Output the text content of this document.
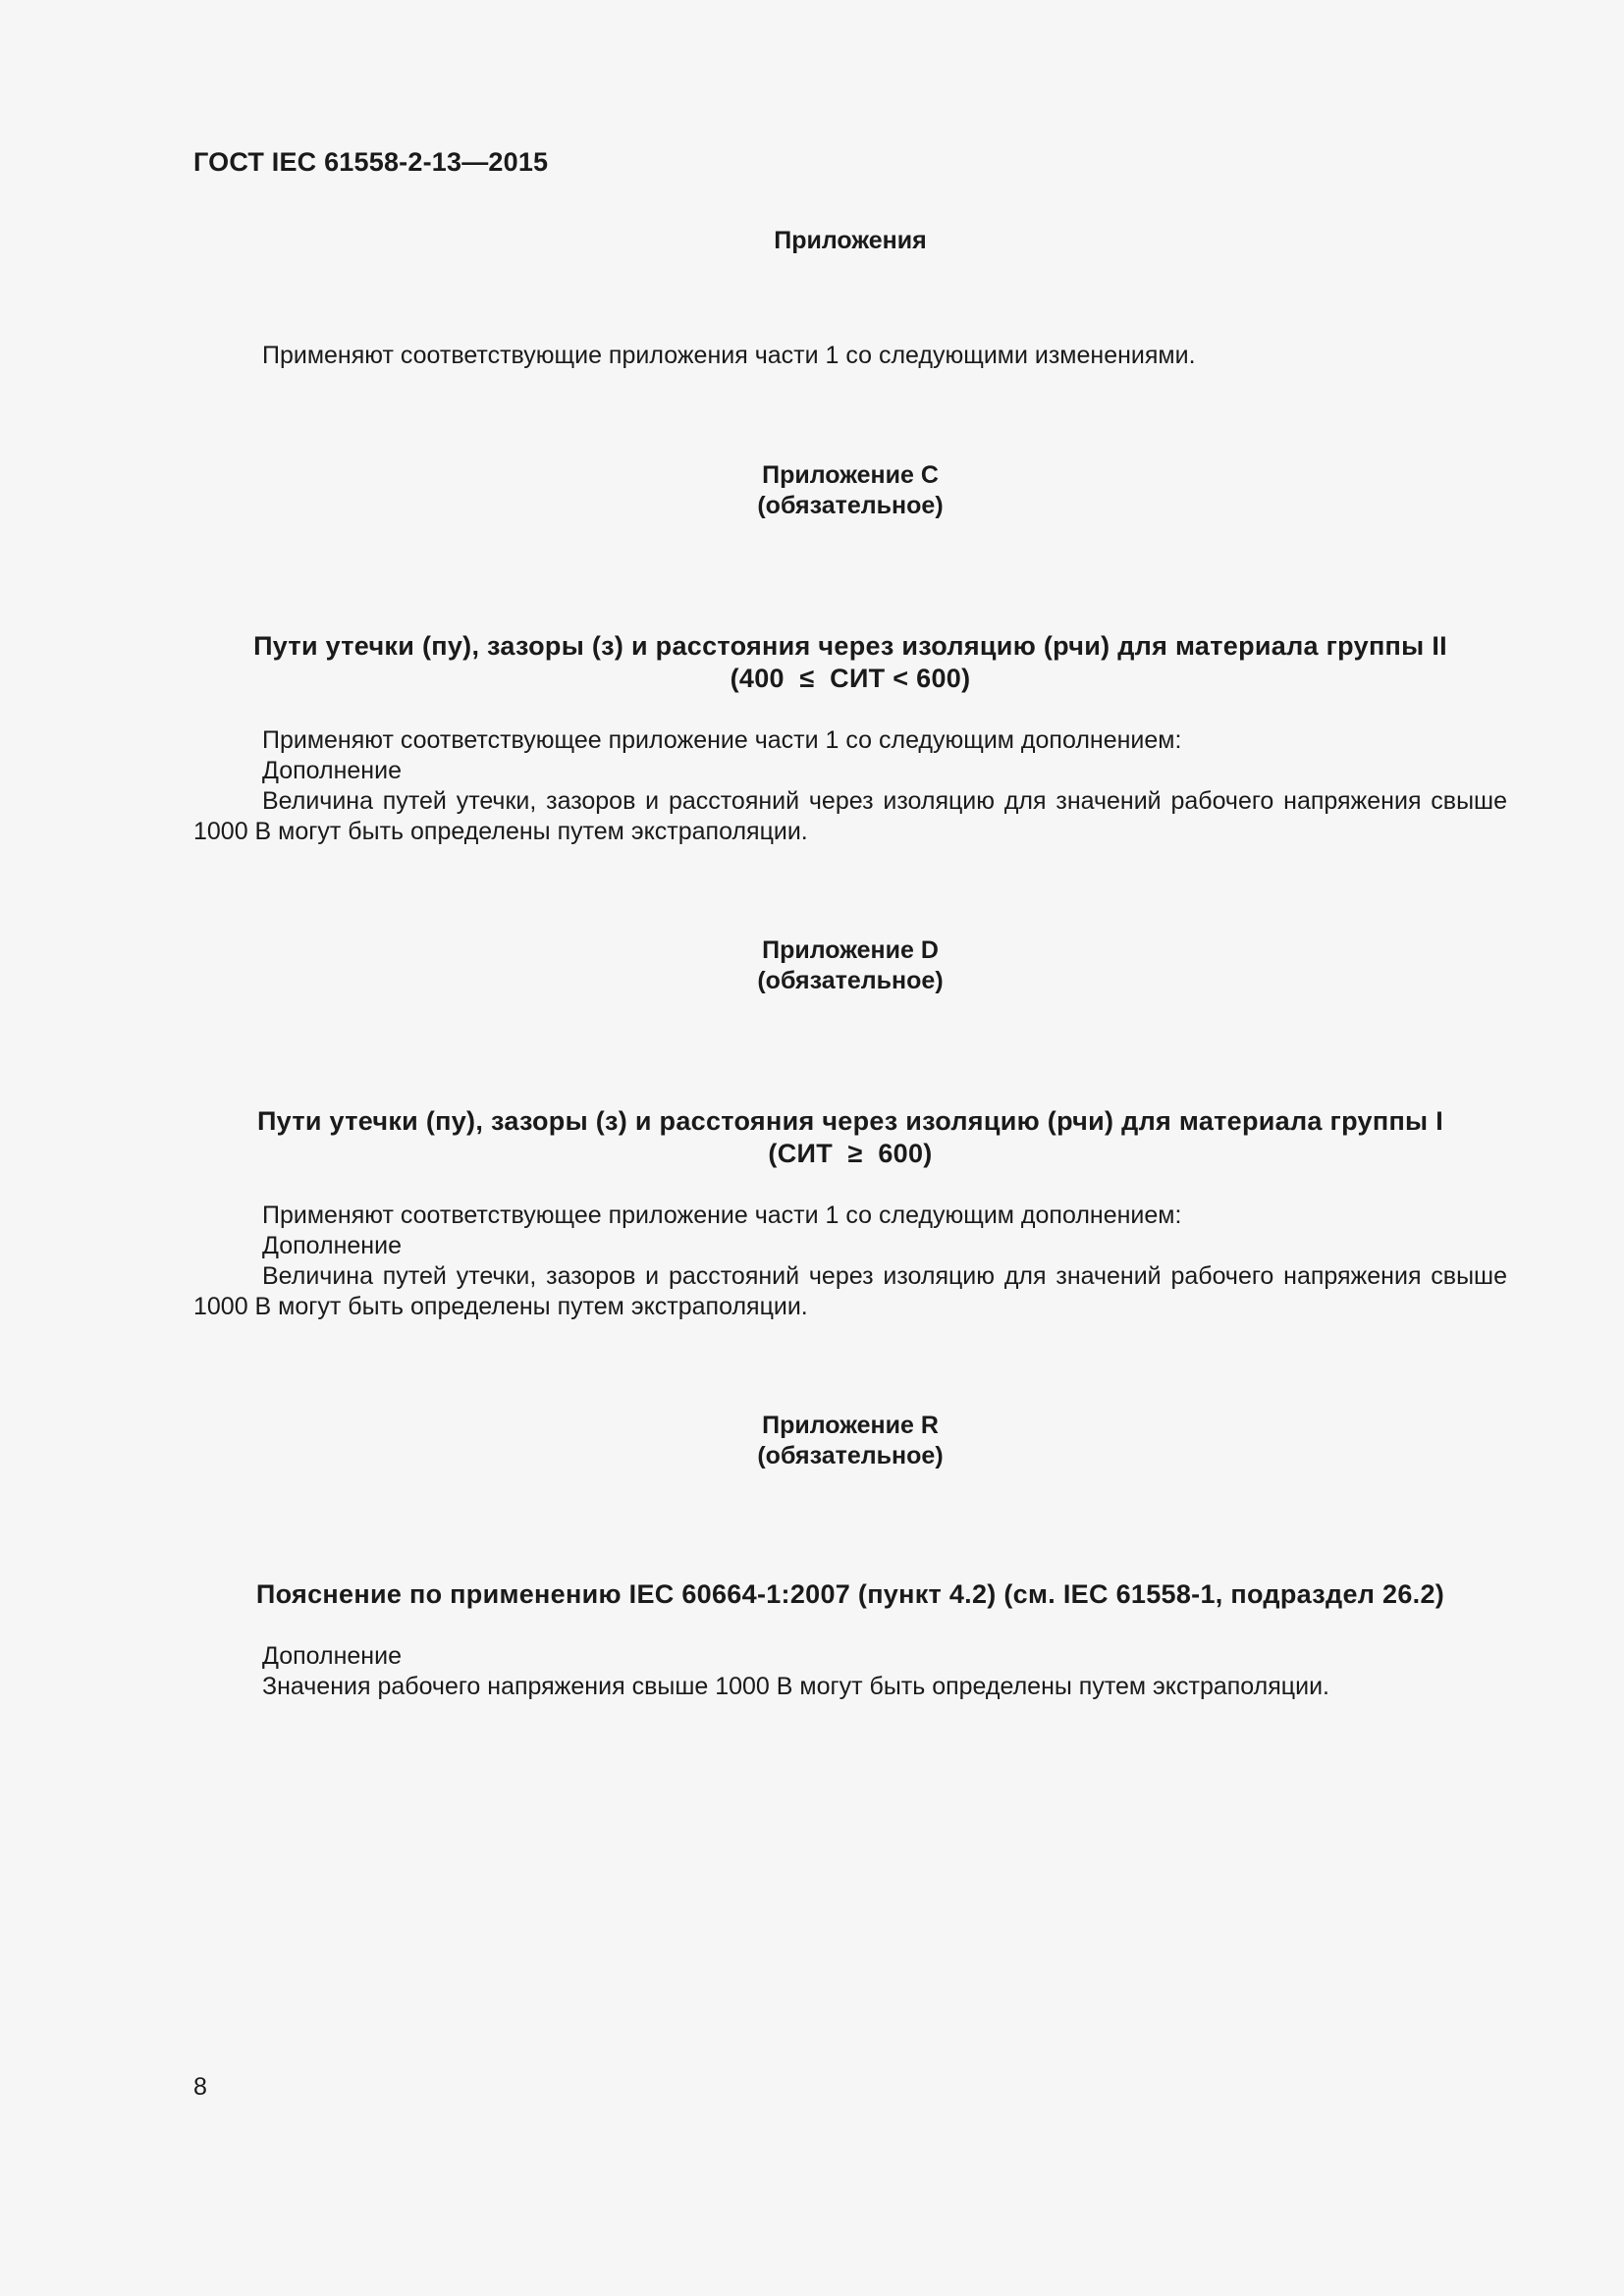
ГОСТ IEC 61558-2-13—2015
Приложения
Применяют соответствующие приложения части 1 со следующими изменениями.
Приложение C
(обязательное)
Пути утечки (пу), зазоры (з) и расстояния через изоляцию (рчи) для материала группы II
(400  ≤  СИТ < 600)

Применяют соответствующее приложение части 1 со следующим дополнением:

Дополнение

Величина путей утечки, зазоров и расстояний через изоляцию для значений рабочего напряжения свыше 1000 В могут быть определены путем экстраполяции.

Приложение D
(обязательное)
Пути утечки (пу), зазоры (з) и расстояния через изоляцию (рчи) для материала группы I
(СИТ  ≥  600)

Применяют соответствующее приложение части 1 со следующим дополнением:

Дополнение

Величина путей утечки, зазоров и расстояний через изоляцию для значений рабочего напряжения свыше 1000 В могут быть определены путем экстраполяции.

Приложение R
(обязательное)
Пояснение по применению IEC 60664-1:2007 (пункт 4.2) (см. IEC 61558-1, подраздел 26.2)

Дополнение

Значения рабочего напряжения свыше 1000 В могут быть определены путем экстраполяции.

8
